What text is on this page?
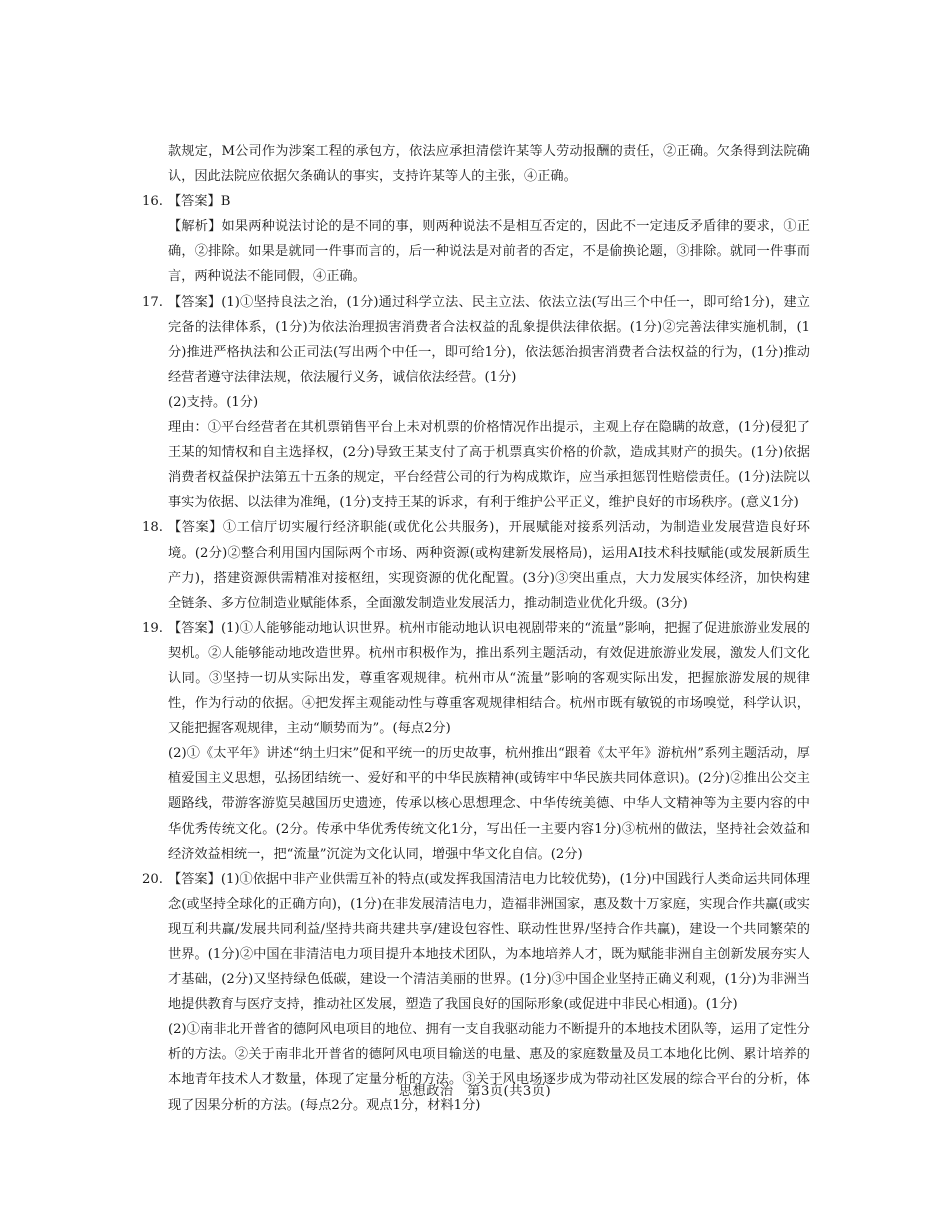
款规定，M公司作为涉案工程的承包方，依法应承担清偿许某等人劳动报酬的责任，②正确。欠条得到法院确认，因此法院应依据欠条确认的事实，支持许某等人的主张，④正确。

16. 【答案】B

【解析】如果两种说法讨论的是不同的事，则两种说法不是相互否定的，因此不一定违反矛盾律的要求，①正确，②排除。如果是就同一件事而言的，后一种说法是对前者的否定，不是偷换论题，③排除。就同一件事而言，两种说法不能同假，④正确。

17. 【答案】(1)①坚持良法之治，(1分)通过科学立法、民主立法、依法立法(写出三个中任一，即可给1分)，建立完备的法律体系，(1分)为依法治理损害消费者合法权益的乱象提供法律依据。(1分)②完善法律实施机制，(1分)推进严格执法和公正司法(写出两个中任一，即可给1分)，依法惩治损害消费者合法权益的行为，(1分)推动经营者遵守法律法规，依法履行义务，诚信依法经营。(1分)

(2)支持。(1分)

理由：①平台经营者在其机票销售平台上未对机票的价格情况作出提示，主观上存在隐瞒的故意，(1分)侵犯了王某的知情权和自主选择权，(2分)导致王某支付了高于机票真实价格的价款，造成其财产的损失。(1分)依据消费者权益保护法第五十五条的规定，平台经营公司的行为构成欺诈，应当承担惩罚性赔偿责任。(1分)法院以事实为依据、以法律为准绳，(1分)支持王某的诉求，有利于维护公平正义，维护良好的市场秩序。(意义1分)

18. 【答案】①工信厅切实履行经济职能(或优化公共服务)，开展赋能对接系列活动，为制造业发展营造良好环境。(2分)②整合利用国内国际两个市场、两种资源(或构建新发展格局)，运用AI技术科技赋能(或发展新质生产力)，搭建资源供需精准对接枢纽，实现资源的优化配置。(3分)③突出重点，大力发展实体经济，加快构建全链条、多方位制造业赋能体系，全面激发制造业发展活力，推动制造业优化升级。(3分)

19. 【答案】(1)①人能够能动地认识世界。杭州市能动地认识电视剧带来的“流量”影响，把握了促进旅游业发展的契机。②人能够能动地改造世界。杭州市积极作为，推出系列主题活动，有效促进旅游业发展，激发人们文化认同。③坚持一切从实际出发，尊重客观规律。杭州市从“流量”影响的客观实际出发，把握旅游发展的规律性，作为行动的依据。④把发挥主观能动性与尊重客观规律相结合。杭州市既有敏锐的市场嗅觉，科学认识，又能把握客观规律，主动“顺势而为”。(每点2分)

(2)①《太平年》讲述“纳土归宋”促和平统一的历史故事，杭州推出“跟着《太平年》游杭州”系列主题活动，厚植爱国主义思想，弘扬团结统一、爱好和平的中华民族精神(或铸牢中华民族共同体意识)。(2分)②推出公交主题路线，带游客游览吴越国历史遗迹，传承以核心思想理念、中华传统美德、中华人文精神等为主要内容的中华优秀传统文化。(2分。传承中华优秀传统文化1分，写出任一主要内容1分)③杭州的做法，坚持社会效益和经济效益相统一，把“流量”沉淀为文化认同，增强中华文化自信。(2分)

20. 【答案】(1)①依据中非产业供需互补的特点(或发挥我国清洁电力比较优势)，(1分)中国践行人类命运共同体理念(或坚持全球化的正确方向)，(1分)在非发展清洁电力，造福非洲国家，惠及数十万家庭，实现合作共赢(或实现互利共赢/发展共同利益/坚持共商共建共享/建设包容性、联动性世界/坚持合作共赢)，建设一个共同繁荣的世界。(1分)②中国在非清洁电力项目提升本地技术团队，为本地培养人才，既为赋能非洲自主创新发展夯实人才基础，(2分)又坚持绿色低碳，建设一个清洁美丽的世界。(1分)③中国企业坚持正确义利观，(1分)为非洲当地提供教育与医疗支持，推动社区发展，塑造了我国良好的国际形象(或促进中非民心相通)。(1分)

(2)①南非北开普省的德阿风电项目的地位、拥有一支自我驱动能力不断提升的本地技术团队等，运用了定性分析的方法。②关于南非北开普省的德阿风电项目输送的电量、惠及的家庭数量及员工本地化比例、累计培养的本地青年技术人才数量，体现了定量分析的方法。③关于风电场逐步成为带动社区发展的综合平台的分析，体现了因果分析的方法。(每点2分。观点1分，材料1分)

思想政治　第3页(共3页)
